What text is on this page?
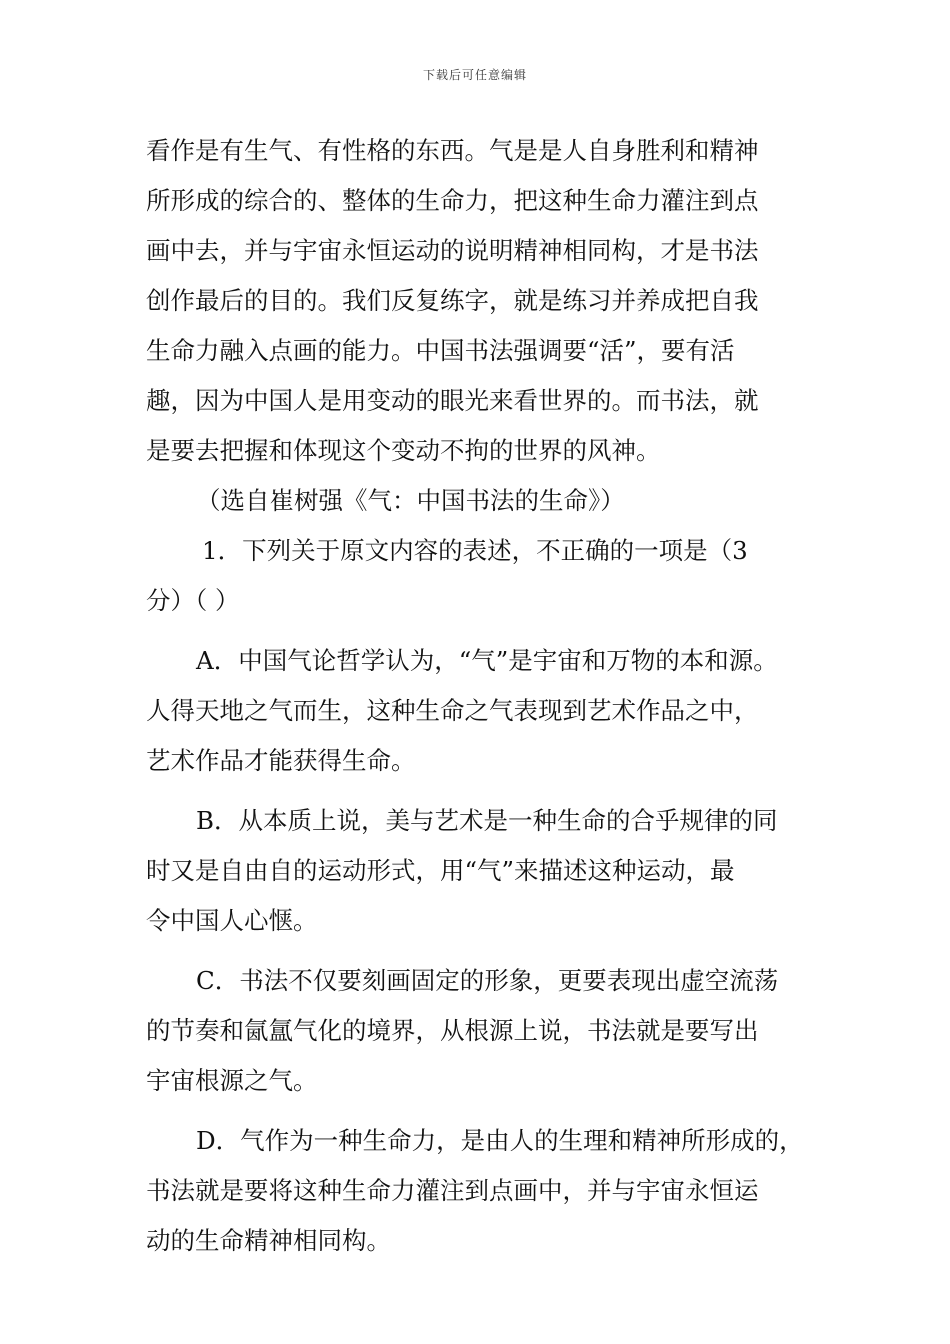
下载后可任意编辑
看作是有生气、有性格的东西。气是是人自身胜利和精神
所形成的综合的、整体的生命力，把这种生命力灌注到点
画中去，并与宇宙永恒运动的说明精神相同构，才是书法
创作最后的目的。我们反复练字，就是练习并养成把自我
生命力融入点画的能力。中国书法强调要“活”，要有活
趣，因为中国人是用变动的眼光来看世界的。而书法，就
是要去把握和体现这个变动不拘的世界的风神。
（选自崔树强《气：中国书法的生命》）
1．下列关于原文内容的表述，不正确的一项是（3
分）（ ）
A．中国气论哲学认为，“气”是宇宙和万物的本和源。
人得天地之气而生，这种生命之气表现到艺术作品之中，
艺术作品才能获得生命。
B．从本质上说，美与艺术是一种生命的合乎规律的同
时又是自由自的运动形式，用“气”来描述这种运动，最
令中国人心惬。
C．书法不仅要刻画固定的形象，更要表现出虚空流荡
的节奏和氤氲气化的境界，从根源上说，书法就是要写出
宇宙根源之气。
D．气作为一种生命力，是由人的生理和精神所形成的，
书法就是要将这种生命力灌注到点画中，并与宇宙永恒运
动的生命精神相同构。
